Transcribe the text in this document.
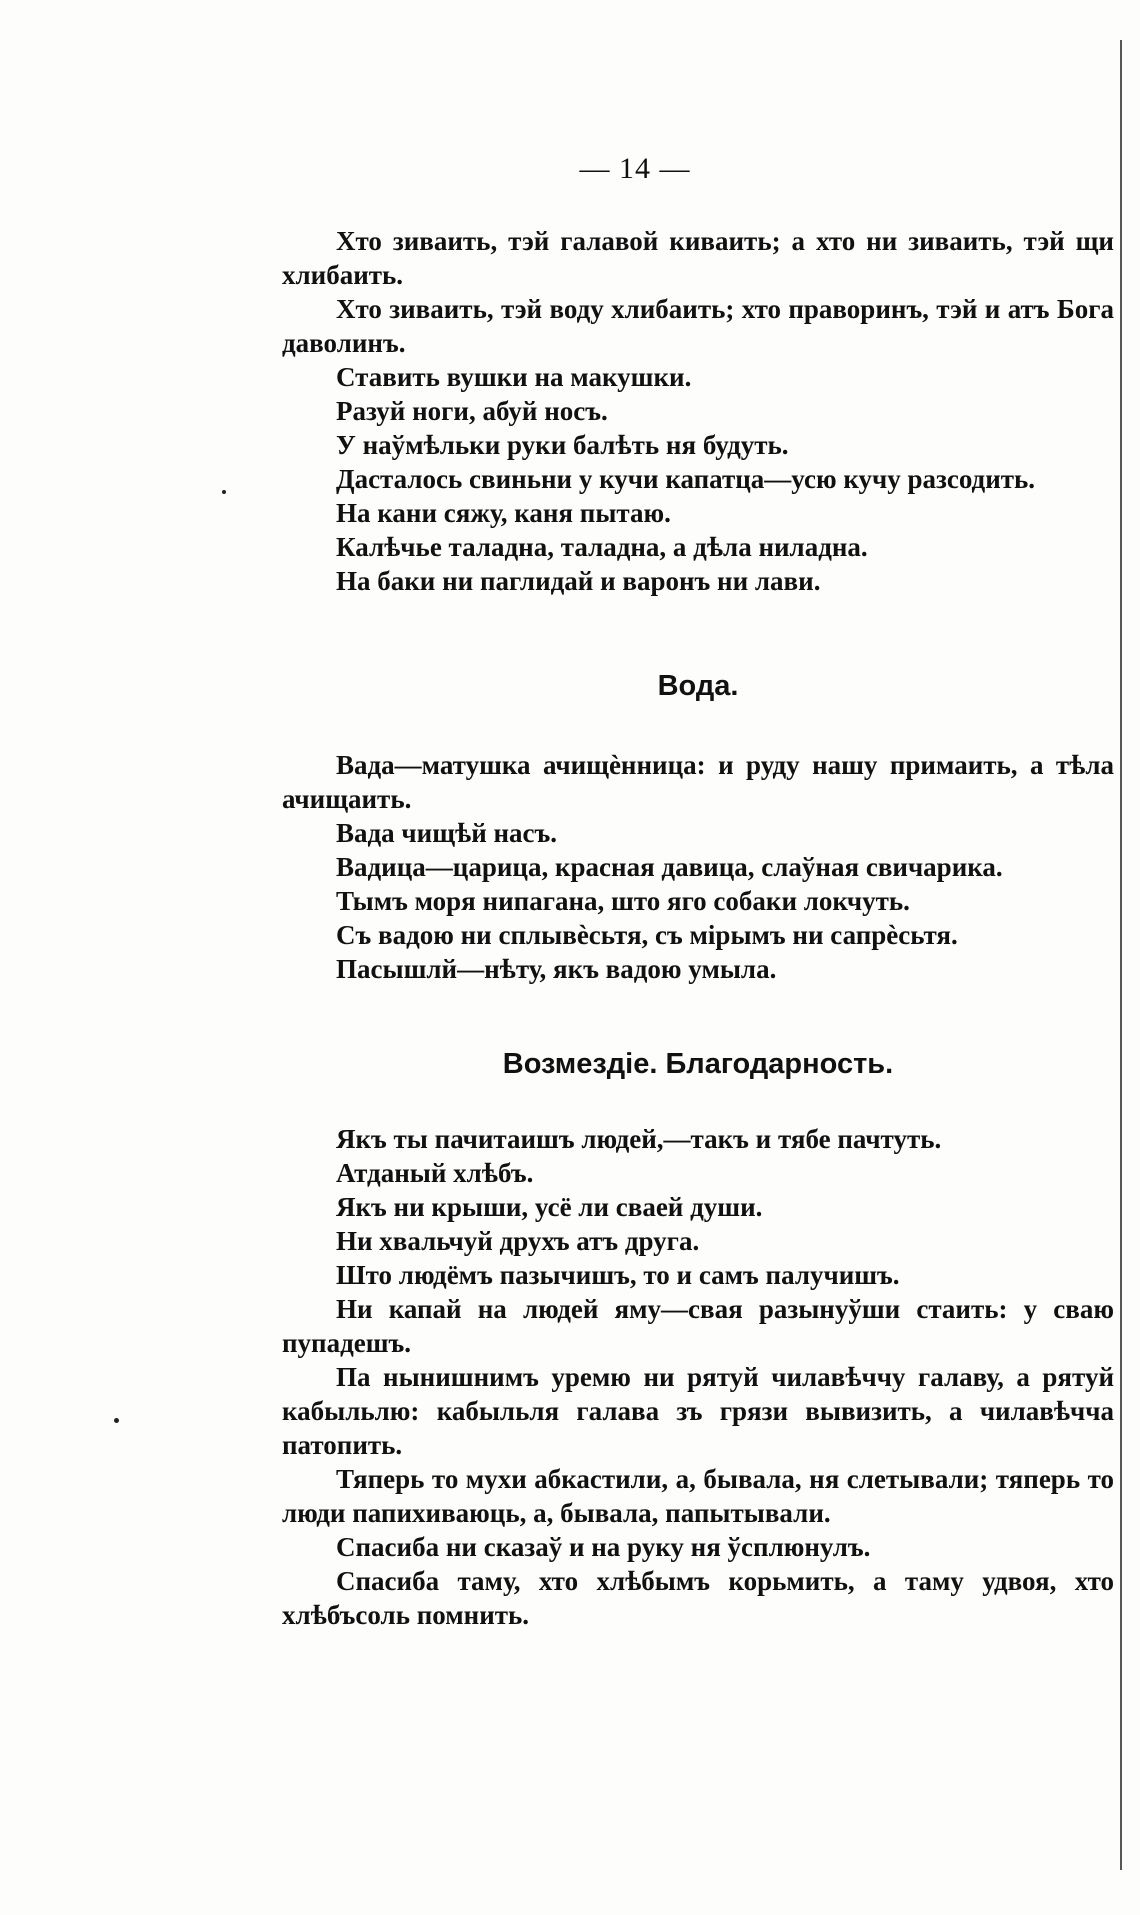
— 14 —

Хто зиваить, тэй галавой киваить; а хто ни зиваить, тэй щи хлибаить.

Хто зиваить, тэй воду хлибаить; хто праворинъ, тэй и атъ Бога даволинъ.

Ставить вушки на макушки.

Разуй ноги, абуй носъ.

У наўмѣльки руки балѣть ня будуть.

Дасталось свиньни у кучи капатца—усю кучу разсодить.

На кани сяжу, каня пытаю.

Калѣчье таладна, таладна, а дѣла ниладна.

На баки ни паглидай и варонъ ни лави.

Вода.

Вада—матушка ачищѐнница: и руду нашу примаить, а тѣла ачищаить.

Вада чищѣй насъ.

Вадица—царица, красная давица, слаўная свичарика.

Тымъ моря нипагана, што яго собаки локчуть.

Съ вадою ни сплывѐсьтя, съ мірымъ ни сапрѐсьтя.

Пасышлй—нѣту, якъ вадою умыла.

Возмездіе. Благодарность.

Якъ ты пачитаишъ людей,—такъ и тябе пачтуть.

Атданый хлѣбъ.

Якъ ни крыши, усё ли сваей души.

Ни хвальчуй друхъ атъ друга.

Што людёмъ пазычишъ, то и самъ палучишъ.

Ни капай на людей яму—свая разынуўши стаить: у сваю пупадешъ.

Па нынишнимъ уремю ни рятуй чилавѣччу галаву, а рятуй кабыльлю: кабыльля галава зъ грязи вывизить, а чилавѣчча патопить.

Тяперь то мухи абкастили, а, бывала, ня слетывали; тяперь то люди папихиваюць, а, бывала, папытывали.

Спасиба ни сказаў и на руку ня ўсплюнулъ.

Спасиба таму, хто хлѣбымъ корьмить, а таму удвоя, хто хлѣбъсоль помнить.
